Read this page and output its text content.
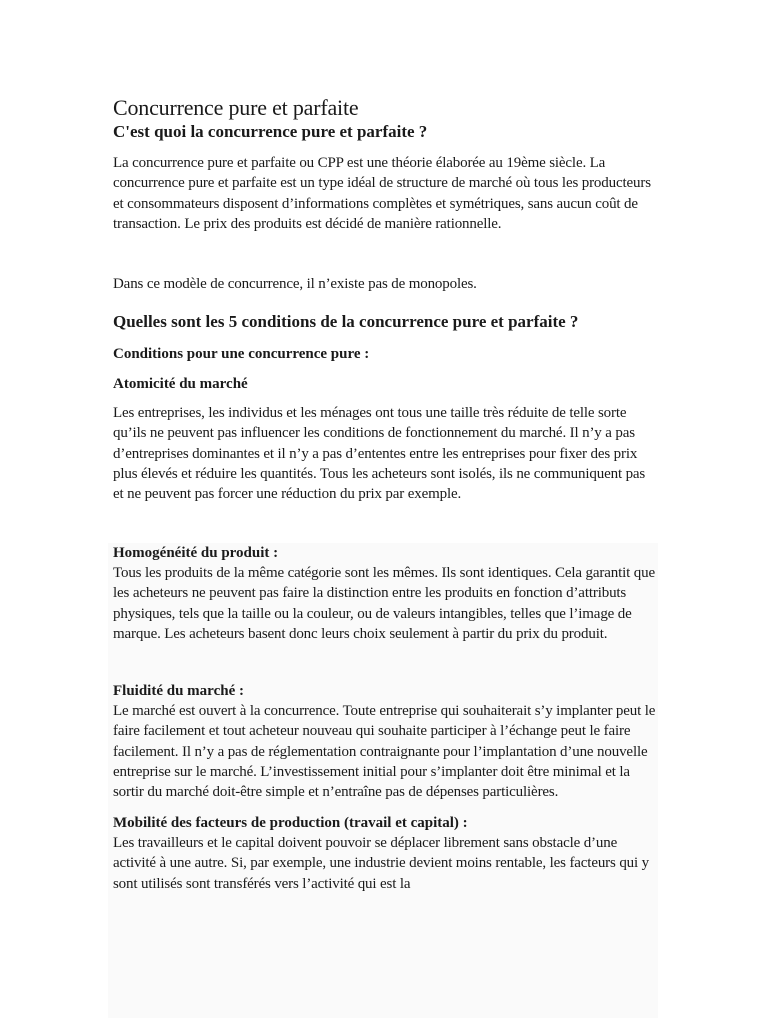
Concurrence pure et parfaite
C'est quoi la concurrence pure et parfaite ?

La concurrence pure et parfaite ou CPP est une théorie élaborée au 19ème siècle. La concurrence pure et parfaite est un type idéal de structure de marché où tous les producteurs et consommateurs disposent d’informations complètes et symétriques, sans aucun coût de transaction. Le prix des produits est décidé de manière rationnelle.

Dans ce modèle de concurrence, il n’existe pas de monopoles.

Quelles sont les 5 conditions de la concurrence pure et parfaite ?
Conditions pour une concurrence pure :
Atomicité du marché

Les entreprises, les individus et les ménages ont tous une taille très réduite de telle sorte qu’ils ne peuvent pas influencer les conditions de fonctionnement du marché. Il n’y a pas d’entreprises dominantes et il n’y a pas d’ententes entre les entreprises pour fixer des prix plus élevés et réduire les quantités. Tous les acheteurs sont isolés, ils ne communiquent pas et ne peuvent pas forcer une réduction du prix par exemple.

Homogénéité du produit :

Tous les produits de la même catégorie sont les mêmes. Ils sont identiques. Cela garantit que les acheteurs ne peuvent pas faire la distinction entre les produits en fonction d’attributs physiques, tels que la taille ou la couleur, ou de valeurs intangibles, telles que l’image de marque. Les acheteurs basent donc leurs choix seulement à partir du prix du produit.

Fluidité du marché :

Le marché est ouvert à la concurrence. Toute entreprise qui souhaiterait s’y implanter peut le faire facilement et tout acheteur nouveau qui souhaite participer à l’échange peut le faire facilement. Il n’y a pas de réglementation contraignante pour l’implantation d’une nouvelle entreprise sur le marché. L’investissement initial pour s’implanter doit être minimal et la sortir du marché doit-être simple et n’entraîne pas de dépenses particulières.

Mobilité des facteurs de production (travail et capital) :

Les travailleurs et le capital doivent pouvoir se déplacer librement sans obstacle d’une activité à une autre. Si, par exemple, une industrie devient moins rentable, les facteurs qui y sont utilisés sont transférés vers l’activité qui est la
